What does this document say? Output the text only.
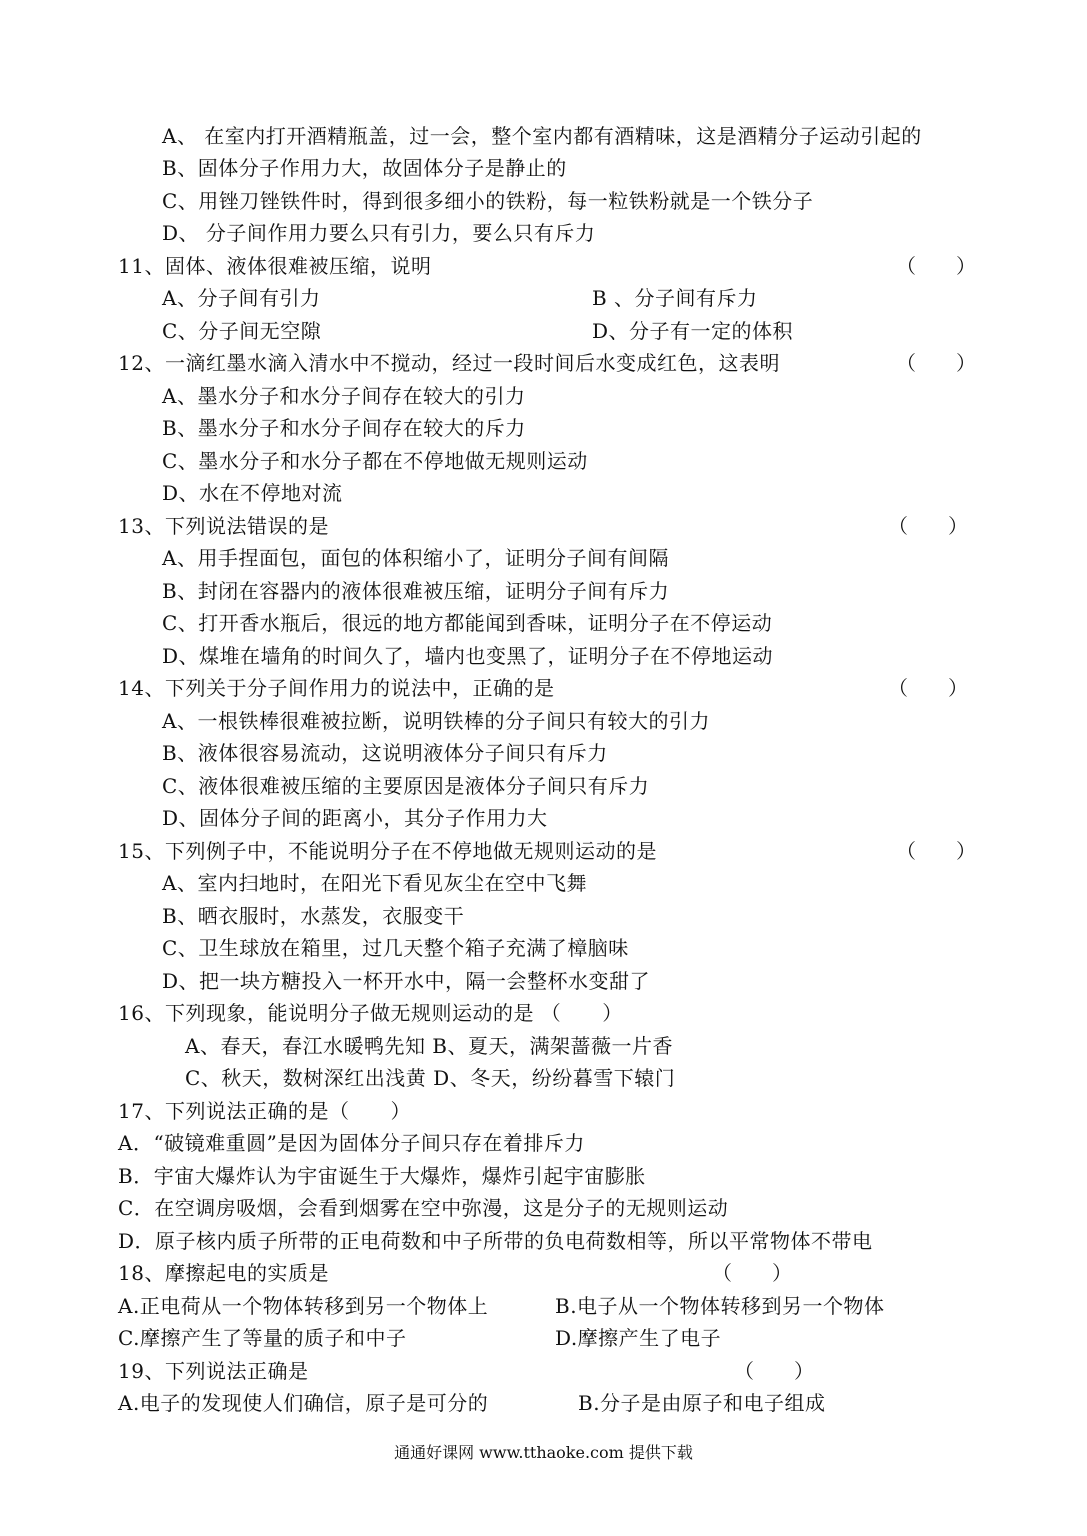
A、 在室内打开酒精瓶盖，过一会，整个室内都有酒精味，这是酒精分子运动引起的
B、固体分子作用力大，故固体分子是静止的
C、用锉刀锉铁件时，得到很多细小的铁粉，每一粒铁粉就是一个铁分子
D、 分子间作用力要么只有引力，要么只有斥力
11、固体、液体很难被压缩，说明	（　　）
A、分子间有引力	B 、分子间有斥力
C、分子间无空隙	D、分子有一定的体积
12、一滴红墨水滴入清水中不搅动，经过一段时间后水变成红色，这表明	（　　）
A、墨水分子和水分子间存在较大的引力
B、墨水分子和水分子间存在较大的斥力
C、墨水分子和水分子都在不停地做无规则运动
D、水在不停地对流
13、下列说法错误的是	（　　）
A、用手捏面包，面包的体积缩小了，证明分子间有间隔
B、封闭在容器内的液体很难被压缩，证明分子间有斥力
C、打开香水瓶后，很远的地方都能闻到香味，证明分子在不停运动
D、煤堆在墙角的时间久了，墙内也变黑了，证明分子在不停地运动
14、下列关于分子间作用力的说法中，正确的是	（　　）
A、一根铁棒很难被拉断，说明铁棒的分子间只有较大的引力
B、液体很容易流动，这说明液体分子间只有斥力
C、液体很难被压缩的主要原因是液体分子间只有斥力
D、固体分子间的距离小，其分子作用力大
15、下列例子中，不能说明分子在不停地做无规则运动的是	（　　）
A、室内扫地时，在阳光下看见灰尘在空中飞舞
B、晒衣服时，水蒸发，衣服变干
C、卫生球放在箱里，过几天整个箱子充满了樟脑味
D、把一块方糖投入一杯开水中，隔一会整杯水变甜了
16、下列现象，能说明分子做无规则运动的是 （　　）
A、春天，春江水暖鸭先知 B、夏天，满架蔷薇一片香
C、秋天，数树深红出浅黄 D、冬天，纷纷暮雪下辕门
17、下列说法正确的是（　　）
A．“破镜难重圆”是因为固体分子间只存在着排斥力
B．宇宙大爆炸认为宇宙诞生于大爆炸，爆炸引起宇宙膨胀
C．在空调房吸烟，会看到烟雾在空中弥漫，这是分子的无规则运动
D．原子核内质子所带的正电荷数和中子所带的负电荷数相等，所以平常物体不带电
18、摩擦起电的实质是	（　　）
A.正电荷从一个物体转移到另一个物体上	B.电子从一个物体转移到另一个物体
C.摩擦产生了等量的质子和中子	D.摩擦产生了电子
19、下列说法正确是	（　　）
A.电子的发现使人们确信，原子是可分的	B.分子是由原子和电子组成
通通好课网 www.tthaoke.com 提供下载
